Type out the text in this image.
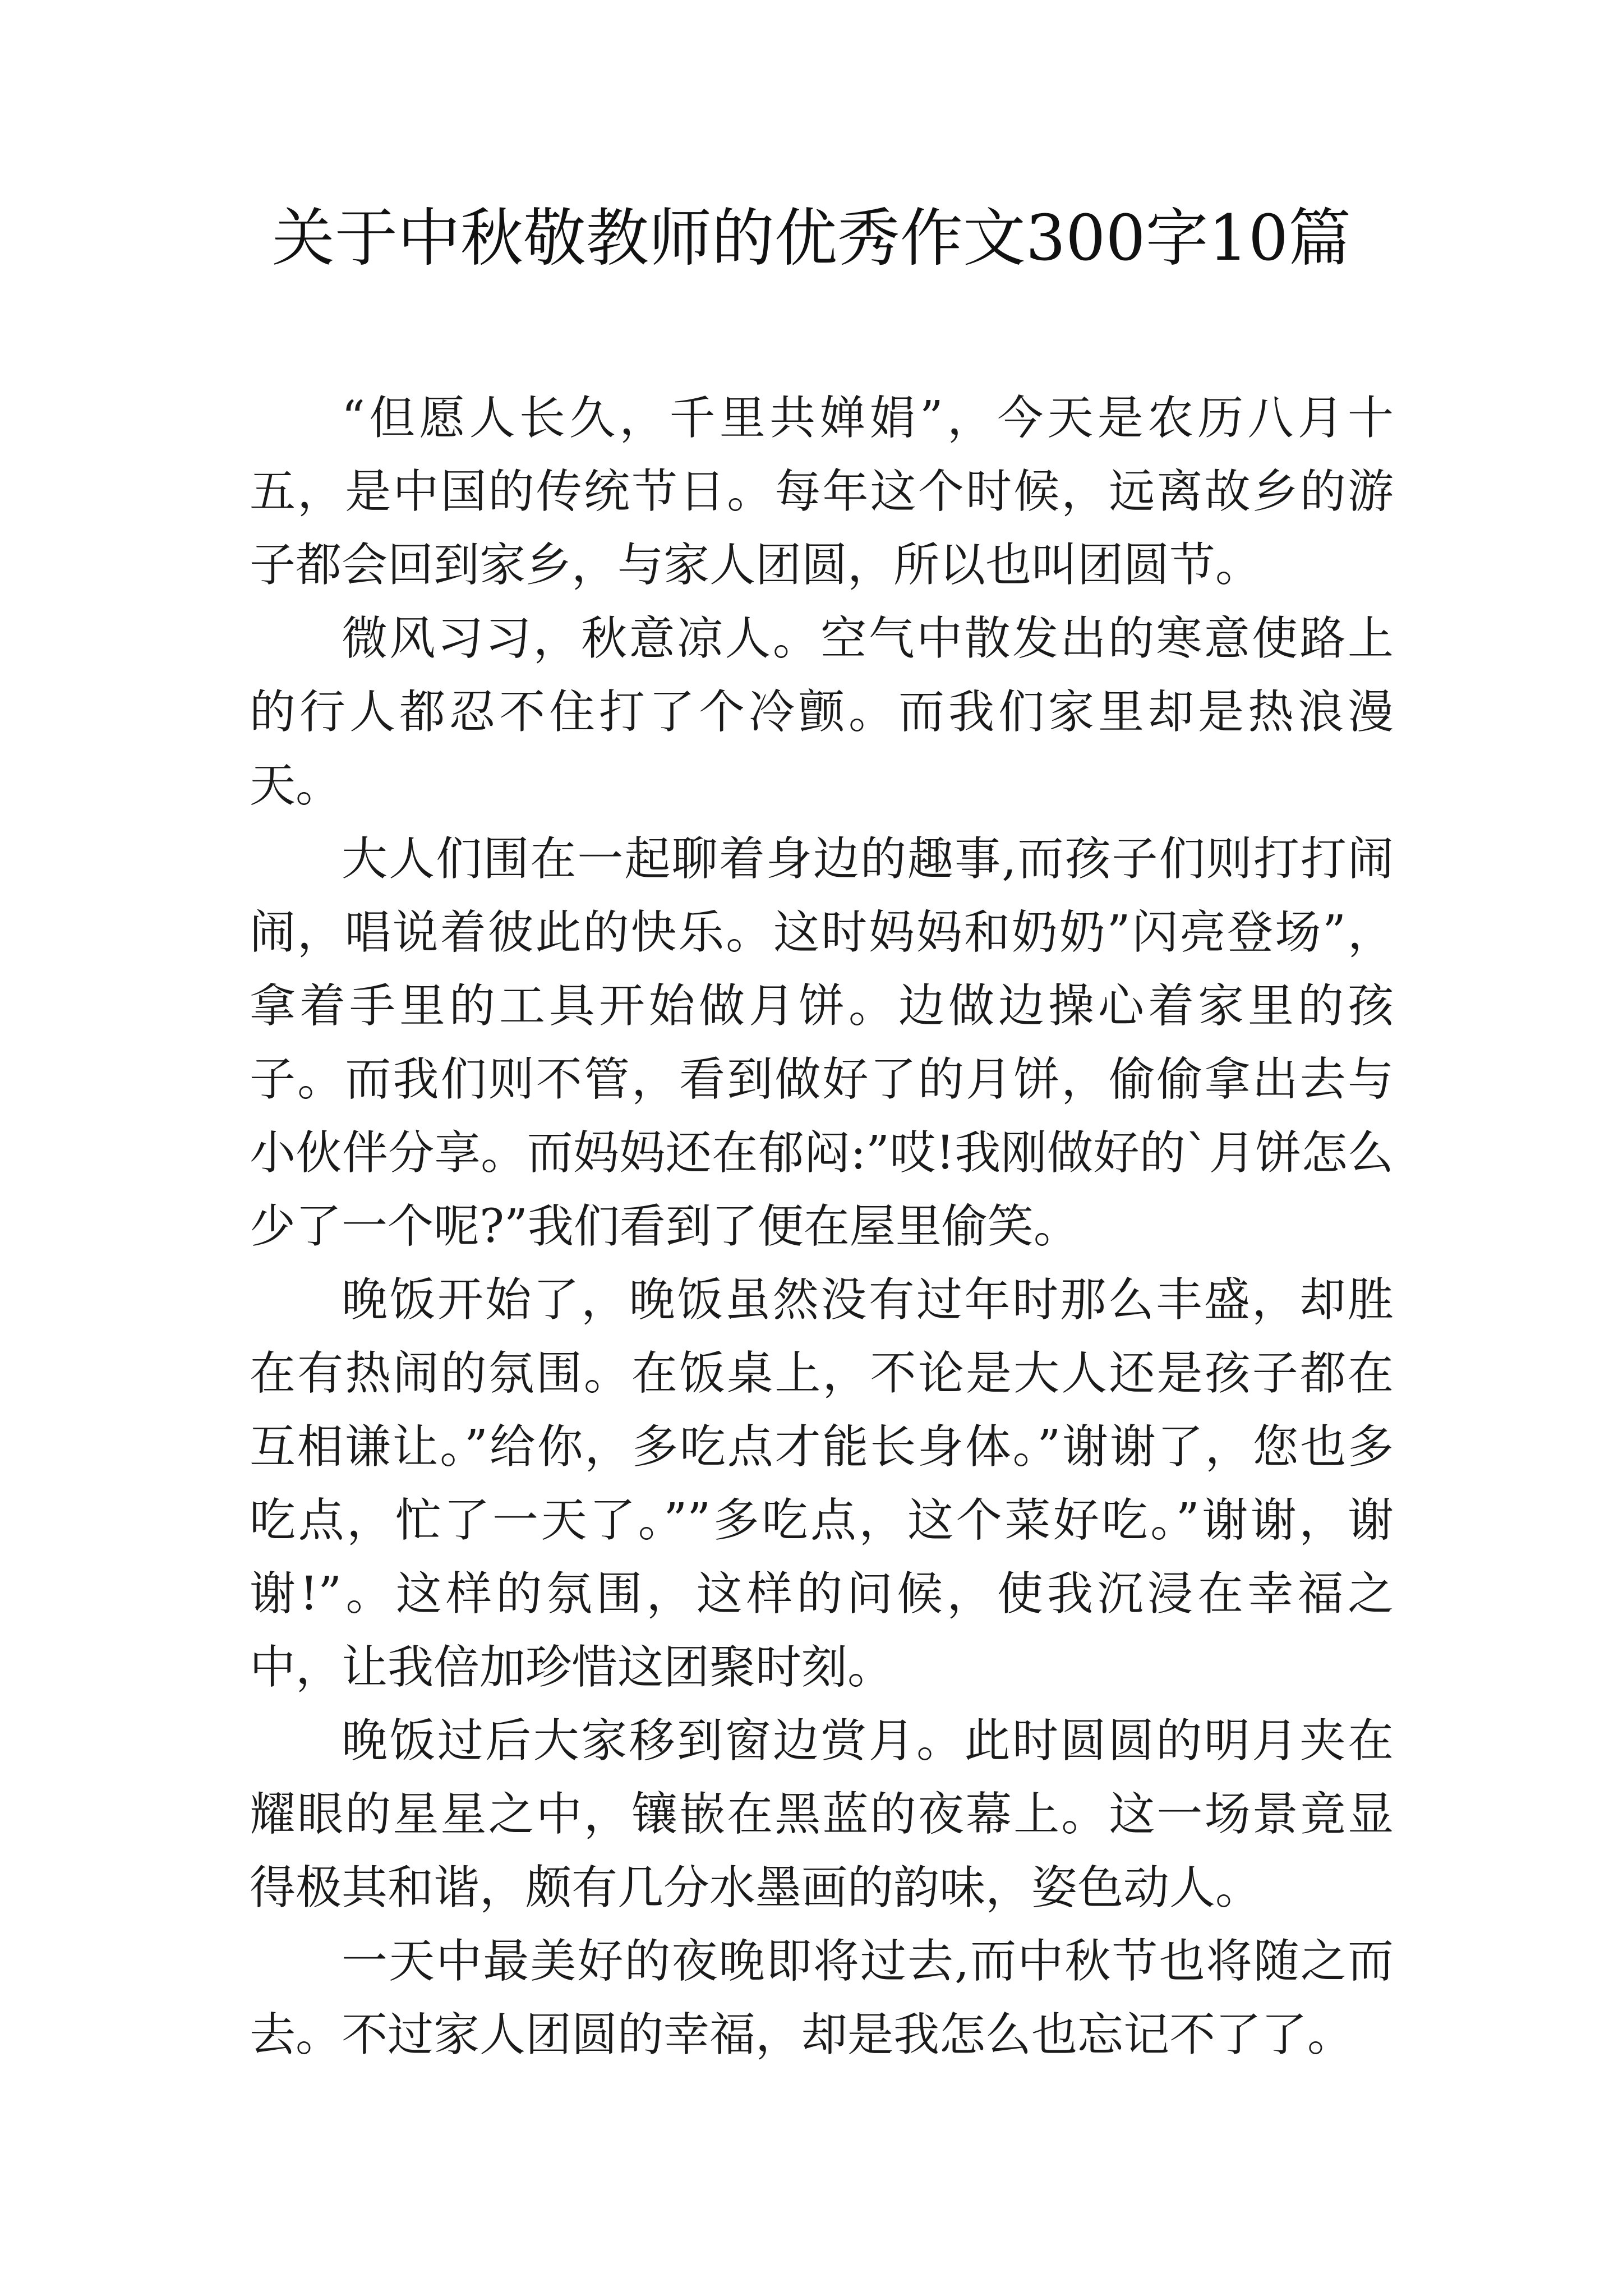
关于中秋敬教师的优秀作文300字10篇

“但愿人长久，千里共婵娟”，今天是农历八月十五，是中国的传统节日。每年这个时候，远离故乡的游子都会回到家乡，与家人团圆，所以也叫团圆节。

微风习习，秋意凉人。空气中散发出的寒意使路上的行人都忍不住打了个冷颤。而我们家里却是热浪漫天。

大人们围在一起聊着身边的趣事,而孩子们则打打闹闹，唱说着彼此的快乐。这时妈妈和奶奶”闪亮登场”，拿着手里的工具开始做月饼。边做边操心着家里的孩子。而我们则不管，看到做好了的月饼，偷偷拿出去与小伙伴分享。而妈妈还在郁闷:”哎!我刚做好的`月饼怎么少了一个呢?”我们看到了便在屋里偷笑。

晚饭开始了，晚饭虽然没有过年时那么丰盛，却胜在有热闹的氛围。在饭桌上，不论是大人还是孩子都在互相谦让。”给你，多吃点才能长身体。”谢谢了，您也多吃点，忙了一天了。””多吃点，这个菜好吃。”谢谢，谢谢!”。这样的氛围，这样的问候，使我沉浸在幸福之中，让我倍加珍惜这团聚时刻。

晚饭过后大家移到窗边赏月。此时圆圆的明月夹在耀眼的星星之中，镶嵌在黑蓝的夜幕上。这一场景竟显得极其和谐，颇有几分水墨画的韵味，姿色动人。

一天中最美好的夜晚即将过去,而中秋节也将随之而去。不过家人团圆的幸福，却是我怎么也忘记不了了。
